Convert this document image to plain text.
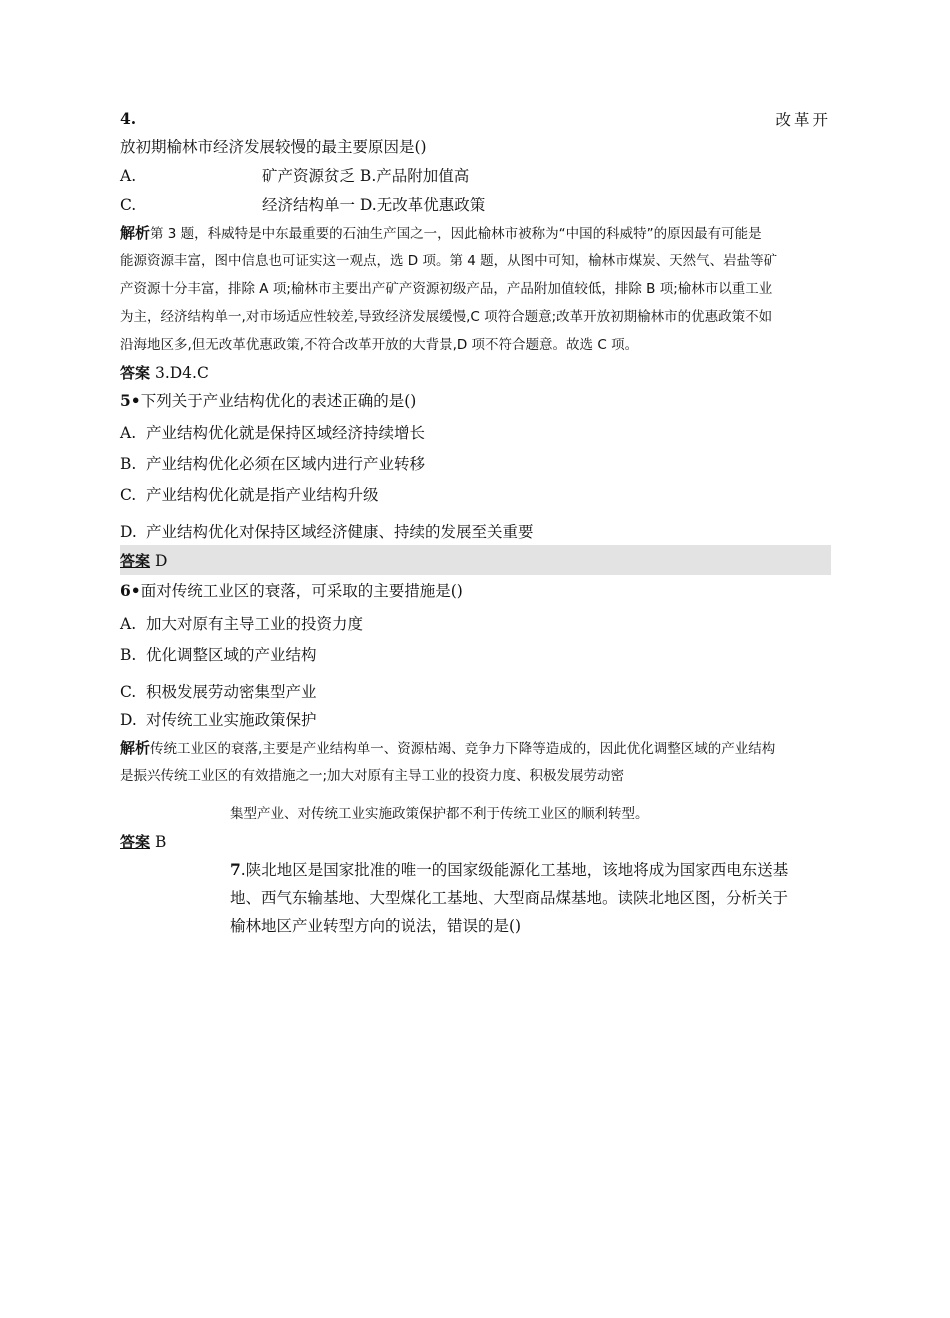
4.	改革开
放初期榆林市经济发展较慢的最主要原因是()
A.	矿产资源贫乏 B.产品附加值高
C.	经济结构单一 D.无改革优惠政策
解析第 3 题，科威特是中东最重要的石油生产国之一，因此榆林市被称为“中国的科威特”的原因最有可能是
能源资源丰富，图中信息也可证实这一观点，选 D 项。第 4 题，从图中可知，榆林市煤炭、天然气、岩盐等矿
产资源十分丰富，排除 A 项;榆林市主要出产矿产资源初级产品，产品附加值较低，排除 B 项;榆林市以重工业
为主，经济结构单一,对市场适应性较差,导致经济发展缓慢,C 项符合题意;改革开放初期榆林市的优惠政策不如
沿海地区多,但无改革优惠政策,不符合改革开放的大背景,D 项不符合题意。故选 C 项。
答案 3.D4.C
5•下列关于产业结构优化的表述正确的是()
A. 产业结构优化就是保持区域经济持续增长
B. 产业结构优化必须在区域内进行产业转移
C. 产业结构优化就是指产业结构升级
D. 产业结构优化对保持区域经济健康、持续的发展至关重要
答案 D
6•面对传统工业区的衰落，可采取的主要措施是()
A. 加大对原有主导工业的投资力度
B. 优化调整区域的产业结构
C. 积极发展劳动密集型产业
D. 对传统工业实施政策保护
解析传统工业区的衰落,主要是产业结构单一、资源枯竭、竞争力下降等造成的，因此优化调整区域的产业结构
是振兴传统工业区的有效措施之一;加大对原有主导工业的投资力度、积极发展劳动密
集型产业、对传统工业实施政策保护都不利于传统工业区的顺利转型。
答案 B
7.陕北地区是国家批准的唯一的国家级能源化工基地，该地将成为国家西电东送基
地、西气东输基地、大型煤化工基地、大型商品煤基地。读陕北地区图，分析关于
榆林地区产业转型方向的说法，错误的是()
